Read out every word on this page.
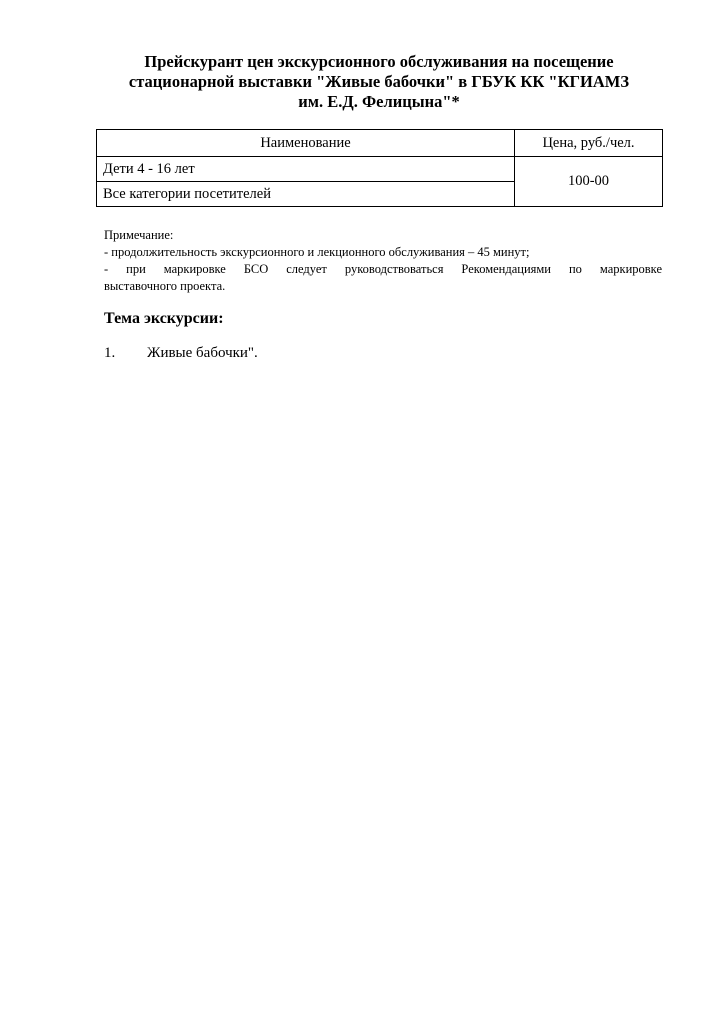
Прейскурант цен экскурсионного обслуживания на посещение
стационарной выставки "Живые бабочки" в ГБУК КК "КГИАМЗ
им. Е.Д. Фелицына"*
Наименование	Цена, руб./чел.
Дети 4 - 16 лет	100-00
Все категории посетителей	
Примечание:
- продолжительность экскурсионного и лекционного обслуживания – 45 минут;
- при маркировке БСО следует руководствоваться Рекомендациями по маркировке
выставочного проекта.
Тема экскурсии:
1. Живые бабочки".
